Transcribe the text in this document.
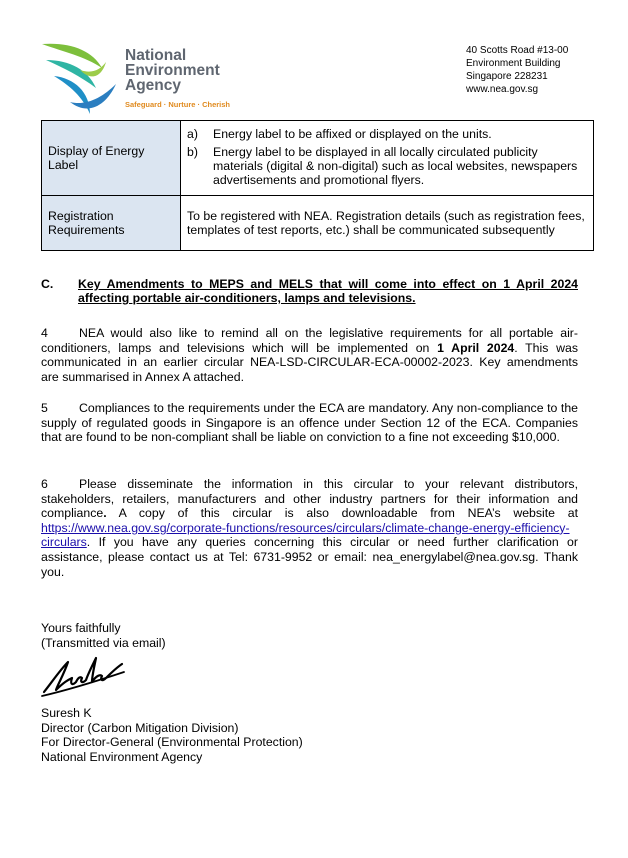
National
Environment
Agency
Safeguard · Nurture · Cherish
40 Scotts Road #13-00
Environment Building
Singapore 228231
www.nea.gov.sg
Display of Energy Label	a) Energy label to be affixed or displayed on the units.
b) Energy label to be displayed in all locally circulated publicity materials (digital & non-digital) such as local websites, newspapers advertisements and promotional flyers.

Registration Requirements	To be registered with NEA. Registration details (such as registration fees, templates of test reports, etc.) shall be communicated subsequently
C. Key Amendments to MEPS and MELS that will come into effect on 1 April 2024 affecting portable air-conditioners, lamps and televisions.
4	NEA would also like to remind all on the legislative requirements for all portable air-conditioners, lamps and televisions which will be implemented on 1 April 2024. This was communicated in an earlier circular NEA-LSD-CIRCULAR-ECA-00002-2023. Key amendments are summarised in Annex A attached.
5	Compliances to the requirements under the ECA are mandatory. Any non-compliance to the supply of regulated goods in Singapore is an offence under Section 12 of the ECA. Companies that are found to be non-compliant shall be liable on conviction to a fine not exceeding $10,000.
6	Please disseminate the information in this circular to your relevant distributors, stakeholders, retailers, manufacturers and other industry partners for their information and compliance. A copy of this circular is also downloadable from NEA’s website at https://www.nea.gov.sg/corporate-functions/resources/circulars/climate-change-energy-efficiency-circulars. If you have any queries concerning this circular or need further clarification or assistance, please contact us at Tel: 6731-9952 or email: nea_energylabel@nea.gov.sg. Thank you.
Yours faithfully
(Transmitted via email)
Suresh K
Director (Carbon Mitigation Division)
For Director-General (Environmental Protection)
National Environment Agency
